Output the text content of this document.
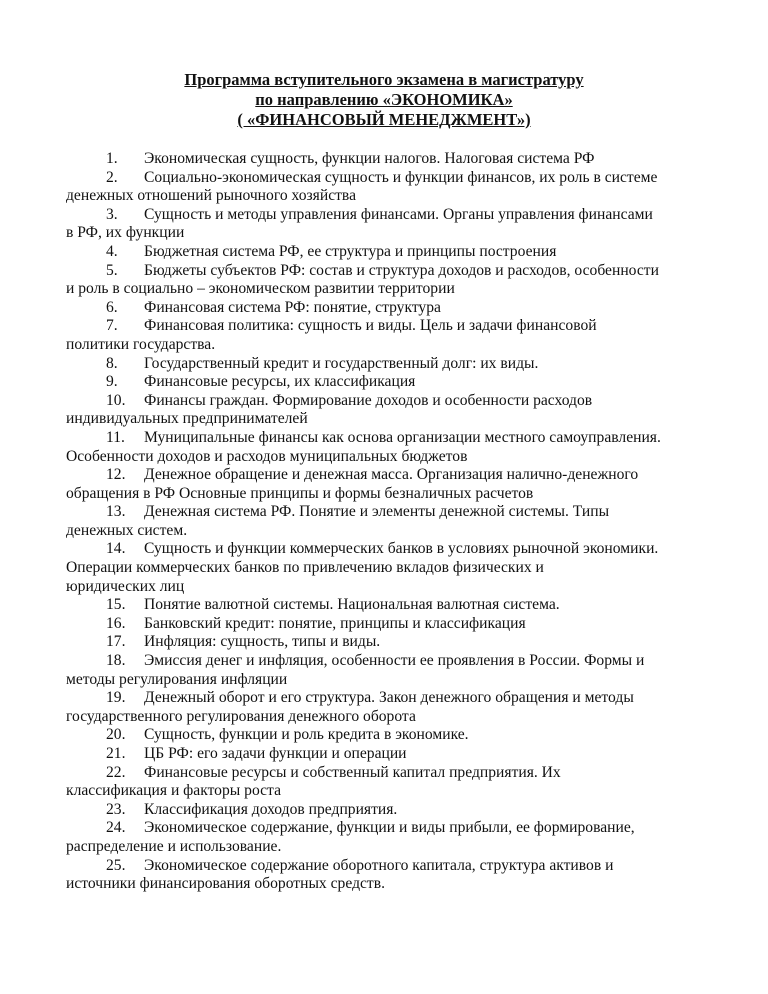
Программа вступительного экзамена в магистратуру
по направлению «ЭКОНОМИКА»
( «ФИНАНСОВЫЙ МЕНЕДЖМЕНТ»)
1. Экономическая сущность, функции налогов. Налоговая система РФ
2. Социально-экономическая сущность и функции финансов, их роль в системе
денежных отношений рыночного хозяйства
3. Сущность и методы управления финансами. Органы управления финансами
в РФ, их функции
4. Бюджетная система РФ, ее структура и принципы построения
5. Бюджеты субъектов РФ: состав и структура доходов и расходов, особенности
и роль в социально – экономическом развитии территории
6. Финансовая система РФ: понятие, структура
7. Финансовая политика: сущность и виды. Цель и задачи финансовой
политики государства.
8. Государственный кредит и государственный долг: их виды.
9. Финансовые ресурсы, их классификация
10. Финансы граждан. Формирование доходов и особенности расходов
индивидуальных предпринимателей
11. Муниципальные финансы как основа организации местного самоуправления.
Особенности доходов и расходов муниципальных бюджетов
12. Денежное обращение и денежная масса. Организация налично-денежного
обращения в РФ Основные принципы и формы безналичных расчетов
13. Денежная система РФ. Понятие и элементы денежной системы. Типы
денежных систем.
14. Сущность и функции коммерческих банков в условиях рыночной экономики.
Операции коммерческих банков по привлечению вкладов физических и
юридических лиц
15. Понятие валютной системы. Национальная валютная система.
16. Банковский кредит: понятие, принципы и классификация
17. Инфляция: сущность, типы и виды.
18. Эмиссия денег и инфляция, особенности ее проявления в России. Формы и
методы регулирования инфляции
19. Денежный оборот и его структура. Закон денежного обращения и методы
государственного регулирования денежного оборота
20. Сущность, функции и роль кредита в экономике.
21. ЦБ РФ: его задачи функции и операции
22. Финансовые ресурсы и собственный капитал предприятия. Их
классификация и факторы роста
23. Классификация доходов предприятия.
24. Экономическое содержание, функции и виды прибыли, ее формирование,
распределение и использование.
25. Экономическое содержание оборотного капитала, структура активов и
источники финансирования оборотных средств.
